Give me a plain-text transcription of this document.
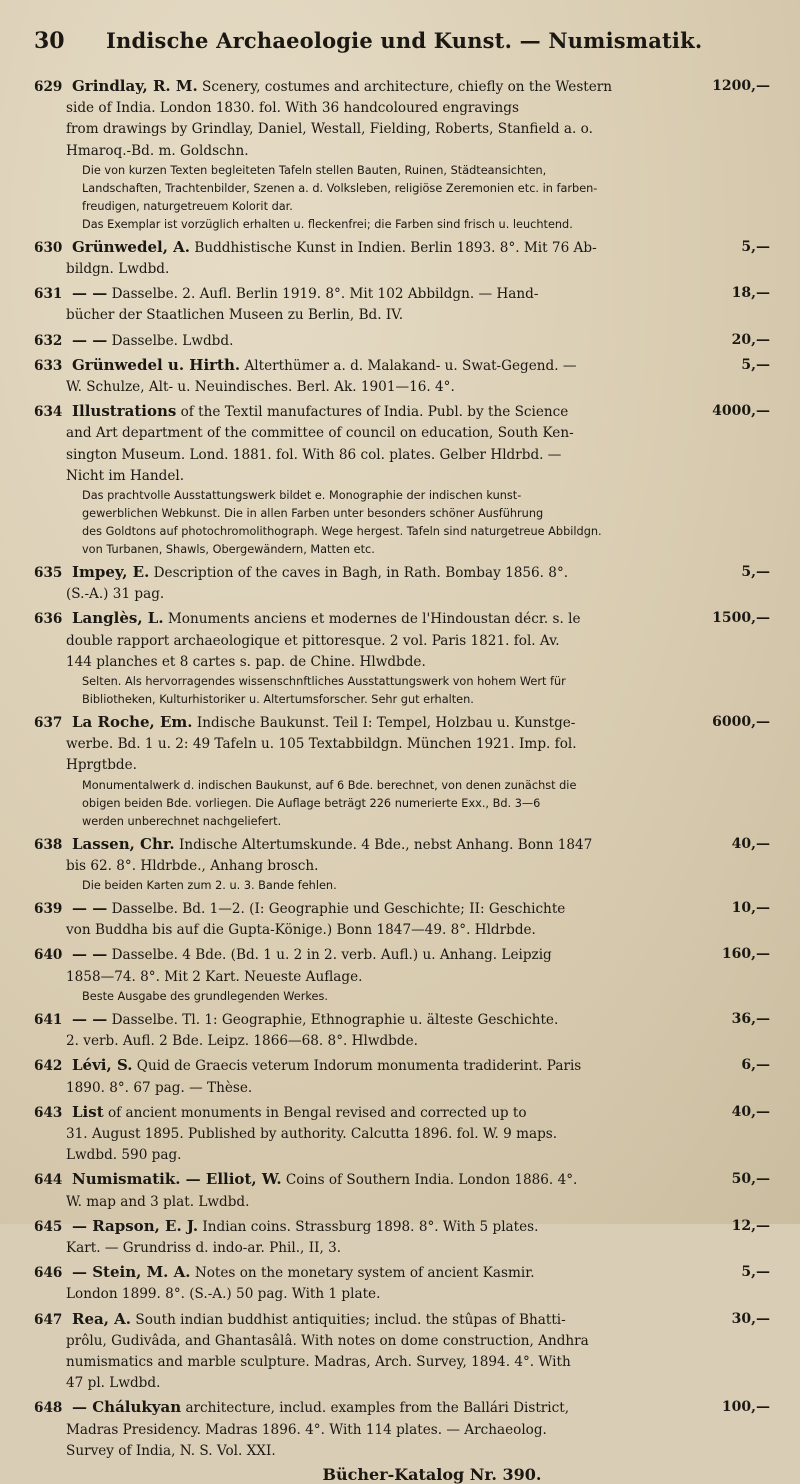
30	Indische Archaeologie und Kunst. — Numismatik.
1200,—
629 Grindlay, R. M. Scenery, costumes and architecture, chiefly on the Western
side of India. London 1830. fol. With 36 handcoloured engravings
from drawings by Grindlay, Daniel, Westall, Fielding, Roberts, Stanfield a. o.
Hmaroq.-Bd. m. Goldschn.
Die von kurzen Texten begleiteten Tafeln stellen Bauten, Ruinen, Städteansichten,
Landschaften, Trachtenbilder, Szenen a. d. Volksleben, religiöse Zeremonien etc. in farben-
freudigen, naturgetreuem Kolorit dar.
Das Exemplar ist vorzüglich erhalten u. fleckenfrei; die Farben sind frisch u. leuchtend.
5,—
630 Grünwedel, A. Buddhistische Kunst in Indien. Berlin 1893. 8°. Mit 76 Ab-
bildgn. Lwdbd.
18,—
631 — — Dasselbe. 2. Aufl. Berlin 1919. 8°. Mit 102 Abbildgn. — Hand-
bücher der Staatlichen Museen zu Berlin, Bd. IV.
20,—
632 — — Dasselbe. Lwdbd.
5,—
633 Grünwedel u. Hirth. Alterthümer a. d. Malakand- u. Swat-Gegend. —
W. Schulze, Alt- u. Neuindisches. Berl. Ak. 1901—16. 4°.
4000,—
634 Illustrations of the Textil manufactures of India. Publ. by the Science
and Art department of the committee of council on education, South Ken-
sington Museum. Lond. 1881. fol. With 86 col. plates. Gelber Hldrbd. —
Nicht im Handel.
Das prachtvolle Ausstattungswerk bildet e. Monographie der indischen kunst-
gewerblichen Webkunst. Die in allen Farben unter besonders schöner Ausführung
des Goldtons auf photochromolithograph. Wege hergest. Tafeln sind naturgetreue Abbildgn.
von Turbanen, Shawls, Obergewändern, Matten etc.
5,—
635 Impey, E. Description of the caves in Bagh, in Rath. Bombay 1856. 8°.
(S.-A.) 31 pag.
1500,—
636 Langlès, L. Monuments anciens et modernes de l'Hindoustan décr. s. le
double rapport archaeologique et pittoresque. 2 vol. Paris 1821. fol. Av.
144 planches et 8 cartes s. pap. de Chine. Hlwdbde.
Selten. Als hervorragendes wissenschnftliches Ausstattungswerk von hohem Wert für
Bibliotheken, Kulturhistoriker u. Altertumsforscher. Sehr gut erhalten.
6000,—
637 La Roche, Em. Indische Baukunst. Teil I: Tempel, Holzbau u. Kunstge-
werbe. Bd. 1 u. 2: 49 Tafeln u. 105 Textabbildgn. München 1921. Imp. fol.
Hprgtbde.
Monumentalwerk d. indischen Baukunst, auf 6 Bde. berechnet, von denen zunächst die
obigen beiden Bde. vorliegen. Die Auflage beträgt 226 numerierte Exx., Bd. 3—6
werden unberechnet nachgeliefert.
40,—
638 Lassen, Chr. Indische Altertumskunde. 4 Bde., nebst Anhang. Bonn 1847
bis 62. 8°. Hldrbde., Anhang brosch.
Die beiden Karten zum 2. u. 3. Bande fehlen.
10,—
639 — — Dasselbe. Bd. 1—2. (I: Geographie und Geschichte; II: Geschichte
von Buddha bis auf die Gupta-Könige.) Bonn 1847—49. 8°. Hldrbde.
160,—
640 — — Dasselbe. 4 Bde. (Bd. 1 u. 2 in 2. verb. Aufl.) u. Anhang. Leipzig
1858—74. 8°. Mit 2 Kart. Neueste Auflage.
Beste Ausgabe des grundlegenden Werkes.
36,—
641 — — Dasselbe. Tl. 1: Geographie, Ethnographie u. älteste Geschichte.
2. verb. Aufl. 2 Bde. Leipz. 1866—68. 8°. Hlwdbde.
6,—
642 Lévi, S. Quid de Graecis veterum Indorum monumenta tradiderint. Paris
1890. 8°. 67 pag. — Thèse.
40,—
643 List of ancient monuments in Bengal revised and corrected up to
31. August 1895. Published by authority. Calcutta 1896. fol. W. 9 maps.
Lwdbd. 590 pag.
50,—
644 Numismatik. — Elliot, W. Coins of Southern India. London 1886. 4°.
W. map and 3 plat. Lwdbd.
12,—
645 — Rapson, E. J. Indian coins. Strassburg 1898. 8°. With 5 plates.
Kart. — Grundriss d. indo-ar. Phil., II, 3.
5,—
646 — Stein, M. A. Notes on the monetary system of ancient Kasmir.
London 1899. 8°. (S.-A.) 50 pag. With 1 plate.
30,—
647 Rea, A. South indian buddhist antiquities; includ. the stûpas of Bhatti-
prôlu, Gudivâda, and Ghantasâlâ. With notes on dome construction, Andhra
numismatics and marble sculpture. Madras, Arch. Survey, 1894. 4°. With
47 pl. Lwdbd.
100,—
648 — Chálukyan architecture, includ. examples from the Ballári District,
Madras Presidency. Madras 1896. 4°. With 114 plates. — Archaeolog.
Survey of India, N. S. Vol. XXI.
Bücher-Katalog Nr. 390.
